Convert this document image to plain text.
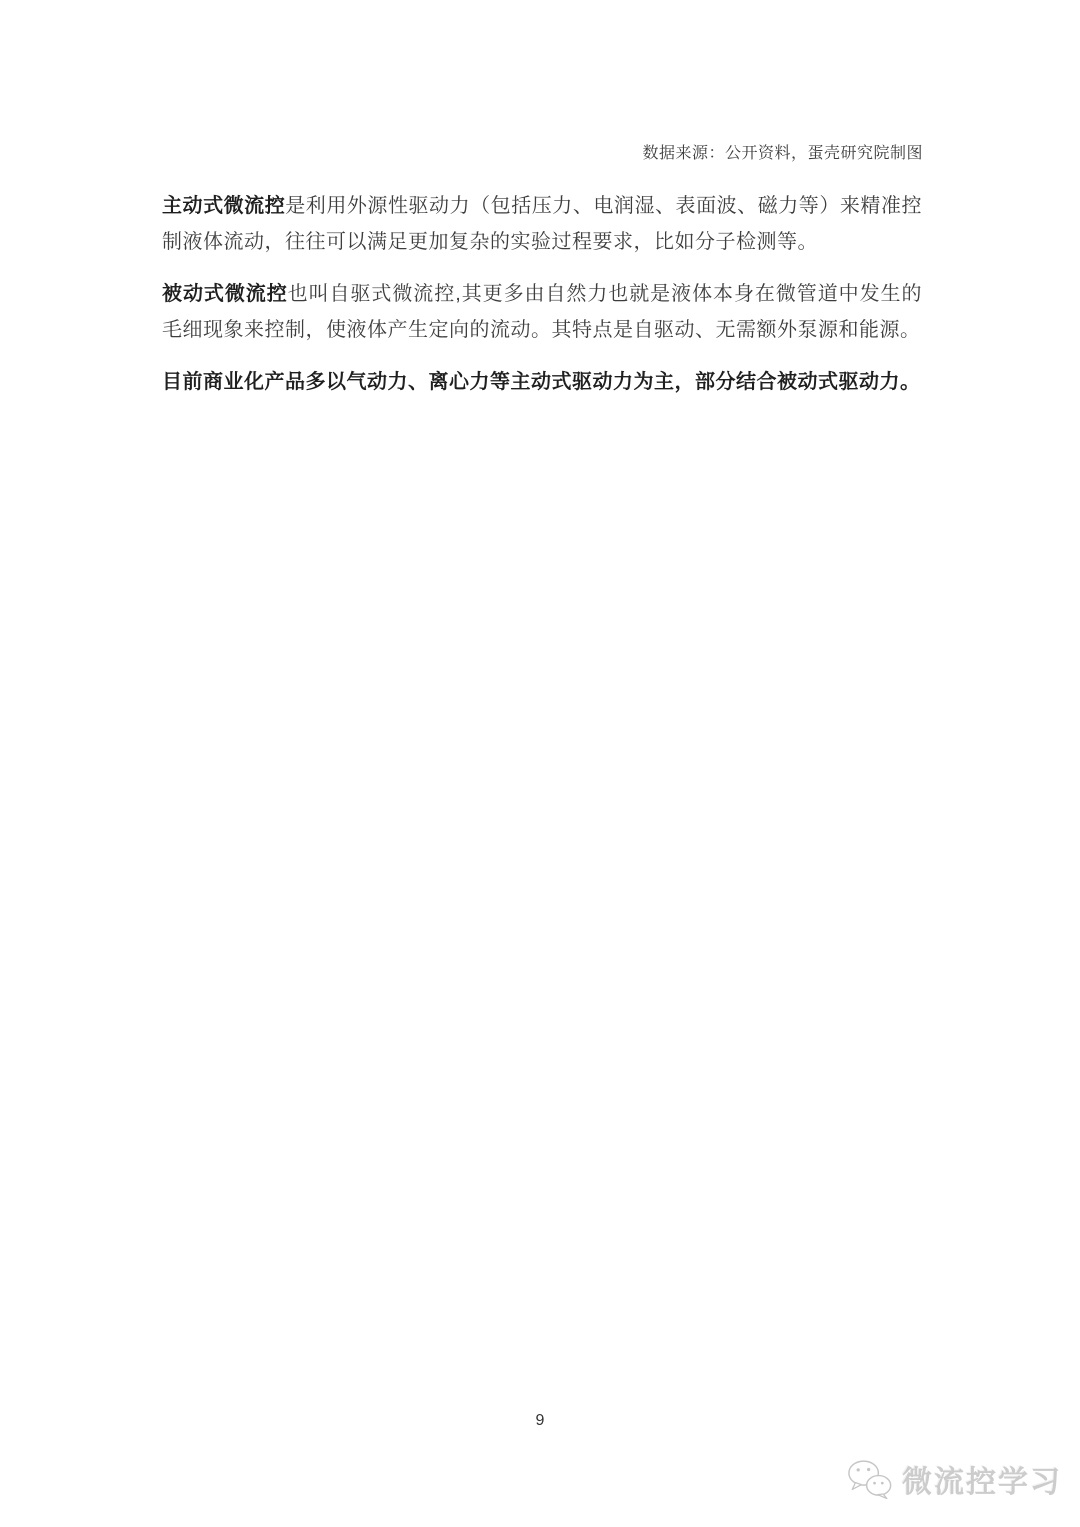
数据来源：公开资料，蛋壳研究院制图

主动式微流控是利用外源性驱动力（包括压力、电润湿、表面波、磁力等）来精准控制液体流动，往往可以满足更加复杂的实验过程要求，比如分子检测等。

被动式微流控也叫自驱式微流控,其更多由自然力也就是液体本身在微管道中发生的毛细现象来控制，使液体产生定向的流动。其特点是自驱动、无需额外泵源和能源。

目前商业化产品多以气动力、离心力等主动式驱动力为主，部分结合被动式驱动力。

9
微流控学习
